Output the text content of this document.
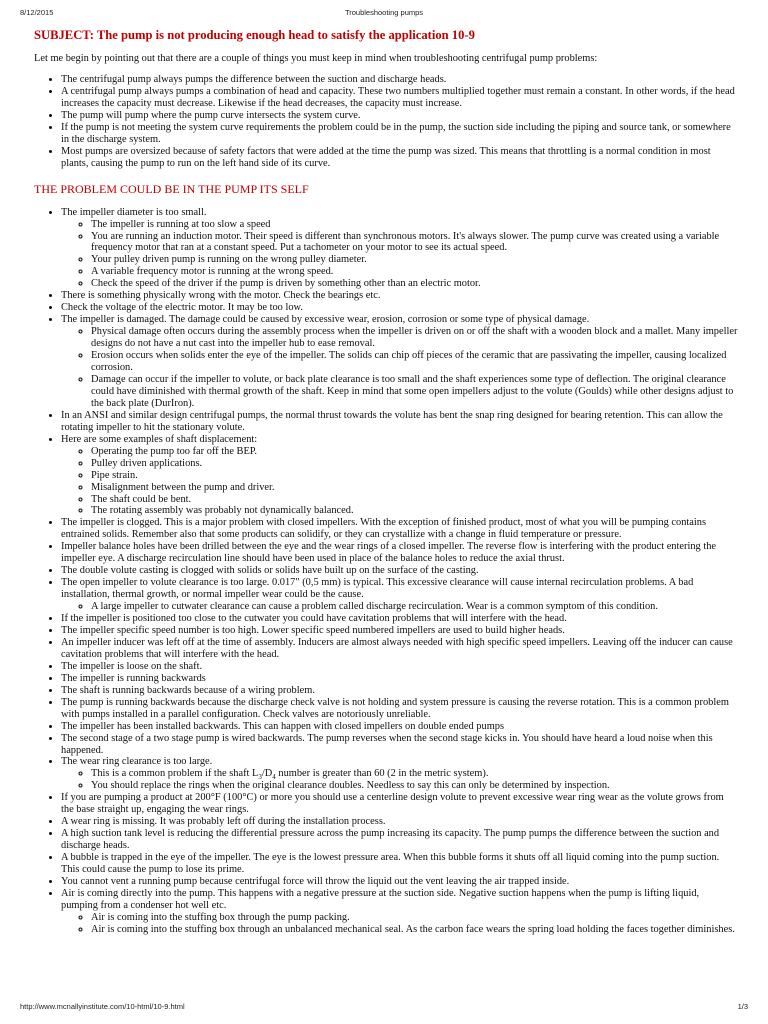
8/12/2015	Troubleshooting pumps
SUBJECT: The pump is not producing enough head to satisfy the application 10-9

Let me begin by pointing out that there are a couple of things you must keep in mind when troubleshooting centrifugal pump problems:

• The centrifugal pump always pumps the difference between the suction and discharge heads.
• A centrifugal pump always pumps a combination of head and capacity. These two numbers multiplied together must remain a constant. In other words, if the head increases the capacity must decrease. Likewise if the head decreases, the capacity must increase.
• The pump will pump where the pump curve intersects the system curve.
• If the pump is not meeting the system curve requirements the problem could be in the pump, the suction side including the piping and source tank, or somewhere in the discharge system.
• Most pumps are oversized because of safety factors that were added at the time the pump was sized. This means that throttling is a normal condition in most plants, causing the pump to run on the left hand side of its curve.
THE PROBLEM COULD BE IN THE PUMP ITS SELF
• The impeller diameter is too small.
◦ The impeller is running at too slow a speed
◦ You are running an induction motor. Their speed is different than synchronous motors. It's always slower. The pump curve was created using a variable frequency motor that ran at a constant speed. Put a tachometer on your motor to see its actual speed.
◦ Your pulley driven pump is running on the wrong pulley diameter.
◦ A variable frequency motor is running at the wrong speed.
◦ Check the speed of the driver if the pump is driven by something other than an electric motor.
• There is something physically wrong with the motor. Check the bearings etc.
• Check the voltage of the electric motor. It may be too low.
• The impeller is damaged. The damage could be caused by excessive wear, erosion, corrosion or some type of physical damage.
◦ Physical damage often occurs during the assembly process when the impeller is driven on or off the shaft with a wooden block and a mallet. Many impeller designs do not have a nut cast into the impeller hub to ease removal.
◦ Erosion occurs when solids enter the eye of the impeller. The solids can chip off pieces of the ceramic that are passivating the impeller, causing localized corrosion.
◦ Damage can occur if the impeller to volute, or back plate clearance is too small and the shaft experiences some type of deflection. The original clearance could have diminished with thermal growth of the shaft. Keep in mind that some open impellers adjust to the volute (Goulds) while other designs adjust to the back plate (DurIron).
• In an ANSI and similar design centrifugal pumps, the normal thrust towards the volute has bent the snap ring designed for bearing retention. This can allow the rotating impeller to hit the stationary volute.
• Here are some examples of shaft displacement:
◦ Operating the pump too far off the BEP.
◦ Pulley driven applications.
◦ Pipe strain.
◦ Misalignment between the pump and driver.
◦ The shaft could be bent.
◦ The rotating assembly was probably not dynamically balanced.
• The impeller is clogged. This is a major problem with closed impellers. With the exception of finished product, most of what you will be pumping contains entrained solids. Remember also that some products can solidify, or they can crystallize with a change in fluid temperature or pressure.
• Impeller balance holes have been drilled between the eye and the wear rings of a closed impeller. The reverse flow is interfering with the product entering the impeller eye. A discharge recirculation line should have been used in place of the balance holes to reduce the axial thrust.
• The double volute casting is clogged with solids or solids have built up on the surface of the casting.
• The open impeller to volute clearance is too large. 0.017" (0,5 mm) is typical. This excessive clearance will cause internal recirculation problems. A bad installation, thermal growth, or normal impeller wear could be the cause.
◦ A large impeller to cutwater clearance can cause a problem called discharge recirculation. Wear is a common symptom of this condition.
• If the impeller is positioned too close to the cutwater you could have cavitation problems that will interfere with the head.
• The impeller specific speed number is too high. Lower specific speed numbered impellers are used to build higher heads.
• An impeller inducer was left off at the time of assembly. Inducers are almost always needed with high specific speed impellers. Leaving off the inducer can cause cavitation problems that will interfere with the head.
• The impeller is loose on the shaft.
• The impeller is running backwards
• The shaft is running backwards because of a wiring problem.
• The pump is running backwards because the discharge check valve is not holding and system pressure is causing the reverse rotation. This is a common problem with pumps installed in a parallel configuration. Check valves are notoriously unreliable.
• The impeller has been installed backwards. This can happen with closed impellers on double ended pumps
• The second stage of a two stage pump is wired backwards. The pump reverses when the second stage kicks in. You should have heard a loud noise when this happened.
• The wear ring clearance is too large.
◦ This is a common problem if the shaft $L_3/D_4$ number is greater than 60 (2 in the metric system).
◦ You should replace the rings when the original clearance doubles. Needless to say this can only be determined by inspection.
• If you are pumping a product at 200°F (100°C) or more you should use a centerline design volute to prevent excessive wear ring wear as the volute grows from the base straight up, engaging the wear rings.
• A wear ring is missing. It was probably left off during the installation process.
• A high suction tank level is reducing the differential pressure across the pump increasing its capacity. The pump pumps the difference between the suction and discharge heads.
• A bubble is trapped in the eye of the impeller. The eye is the lowest pressure area. When this bubble forms it shuts off all liquid coming into the pump suction. This could cause the pump to lose its prime.
• You cannot vent a running pump because centrifugal force will throw the liquid out the vent leaving the air trapped inside.
• Air is coming directly into the pump. This happens with a negative pressure at the suction side. Negative suction happens when the pump is lifting liquid, pumping from a condenser hot well etc.
◦ Air is coming into the stuffing box through the pump packing.
◦ Air is coming into the stuffing box through an unbalanced mechanical seal. As the carbon face wears the spring load holding the faces together diminishes.
http://www.mcnallyinstitute.com/10-html/10-9.html	1/3
